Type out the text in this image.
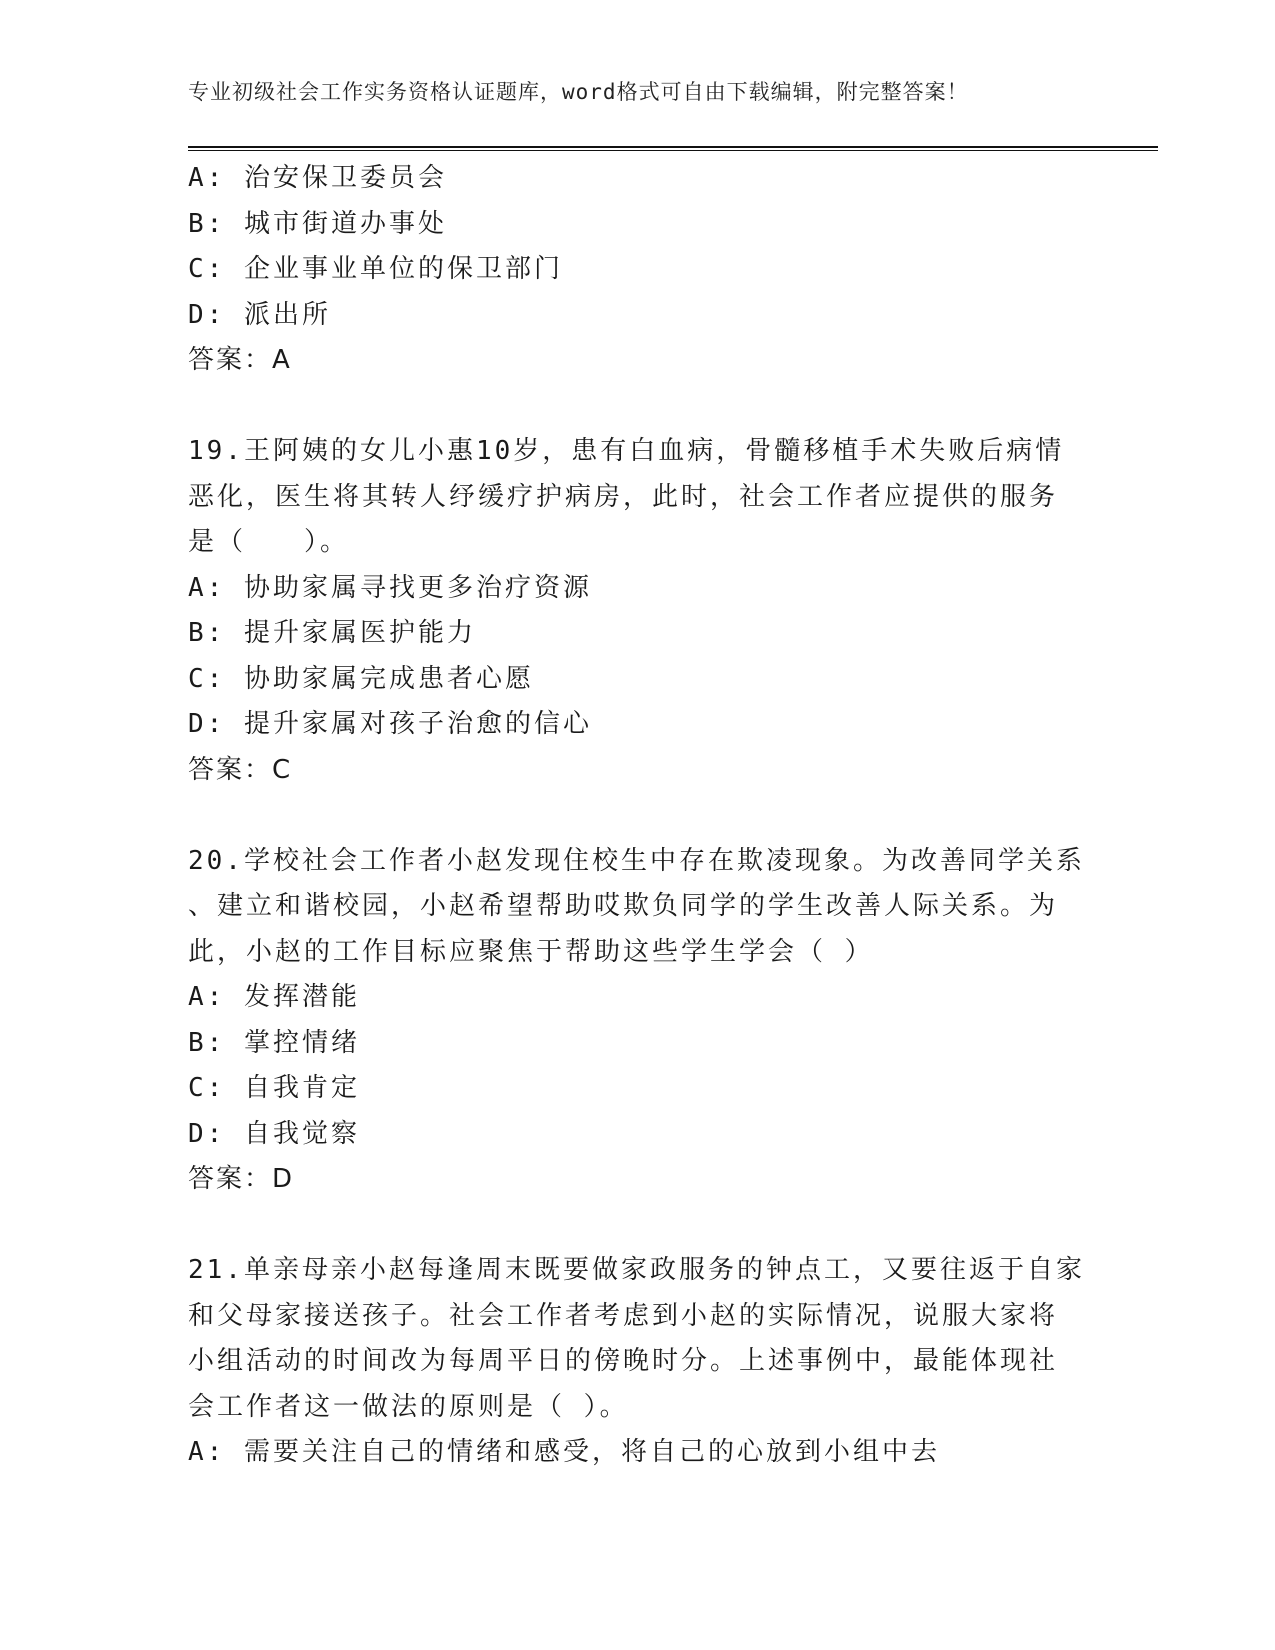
专业初级社会工作实务资格认证题库，word格式可自由下载编辑，附完整答案！
A: 治安保卫委员会
B: 城市街道办事处
C: 企业事业单位的保卫部门
D: 派出所
答案：A
19.王阿姨的女儿小惠10岁，患有白血病，骨髓移植手术失败后病情
恶化，医生将其转人纾缓疗护病房，此时，社会工作者应提供的服务
是（　　）。
A: 协助家属寻找更多治疗资源
B: 提升家属医护能力
C: 协助家属完成患者心愿
D: 提升家属对孩子治愈的信心
答案：C
20.学校社会工作者小赵发现住校生中存在欺凌现象。为改善同学关系
、建立和谐校园，小赵希望帮助哎欺负同学的学生改善人际关系。为
此，小赵的工作目标应聚焦于帮助这些学生学会（ ）
A: 发挥潜能
B: 掌控情绪
C: 自我肯定
D: 自我觉察
答案：D
21.单亲母亲小赵每逢周末既要做家政服务的钟点工，又要往返于自家
和父母家接送孩子。社会工作者考虑到小赵的实际情况，说服大家将
小组活动的时间改为每周平日的傍晚时分。上述事例中，最能体现社
会工作者这一做法的原则是（ ）。
A: 需要关注自己的情绪和感受，将自己的心放到小组中去
